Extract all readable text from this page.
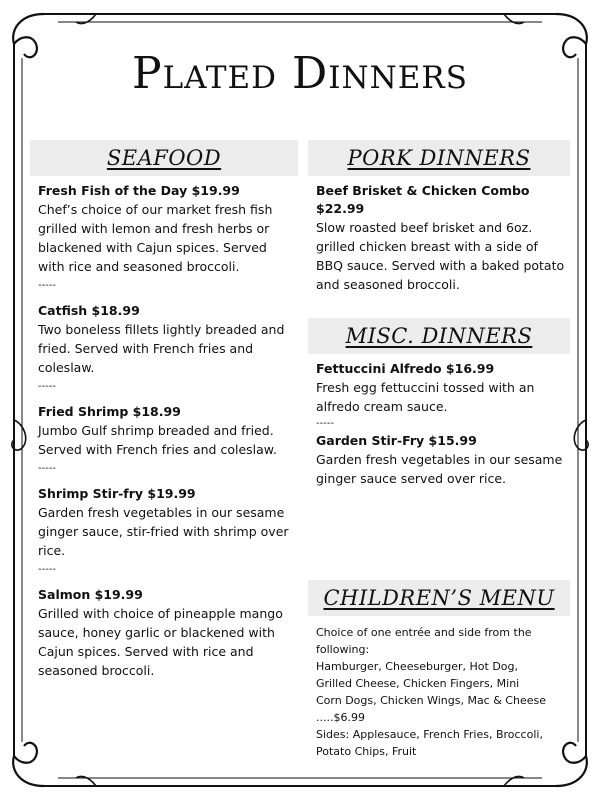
Plated Dinners
SEAFOOD
Fresh Fish of the Day $19.99
Chef’s choice of our market fresh fish grilled with lemon and fresh herbs or blackened with Cajun spices. Served with rice and seasoned broccoli.
-----
Catfish $18.99
Two boneless fillets lightly breaded and fried. Served with French fries and coleslaw.
-----
Fried Shrimp $18.99
Jumbo Gulf shrimp breaded and fried. Served with French fries and coleslaw.
-----
Shrimp Stir-fry $19.99
Garden fresh vegetables in our sesame ginger sauce, stir-fried with shrimp over rice.
-----
Salmon $19.99
Grilled with choice of pineapple mango sauce, honey garlic or blackened with Cajun spices. Served with rice and seasoned broccoli.
PORK DINNERS
Beef Brisket & Chicken Combo $22.99
Slow roasted beef brisket and 6oz. grilled chicken breast with a side of BBQ sauce. Served with a baked potato and seasoned broccoli.
MISC. DINNERS
Fettuccini Alfredo $16.99
Fresh egg fettuccini tossed with an alfredo cream sauce.
-----
Garden Stir-Fry $15.99
Garden fresh vegetables in our sesame ginger sauce served over rice.
CHILDREN’S MENU
Choice of one entrée and side from the
following:
Hamburger, Cheeseburger, Hot Dog,
Grilled Cheese, Chicken Fingers, Mini
Corn Dogs, Chicken Wings, Mac & Cheese
.....$6.99
Sides: Applesauce, French Fries, Broccoli,
Potato Chips, Fruit
